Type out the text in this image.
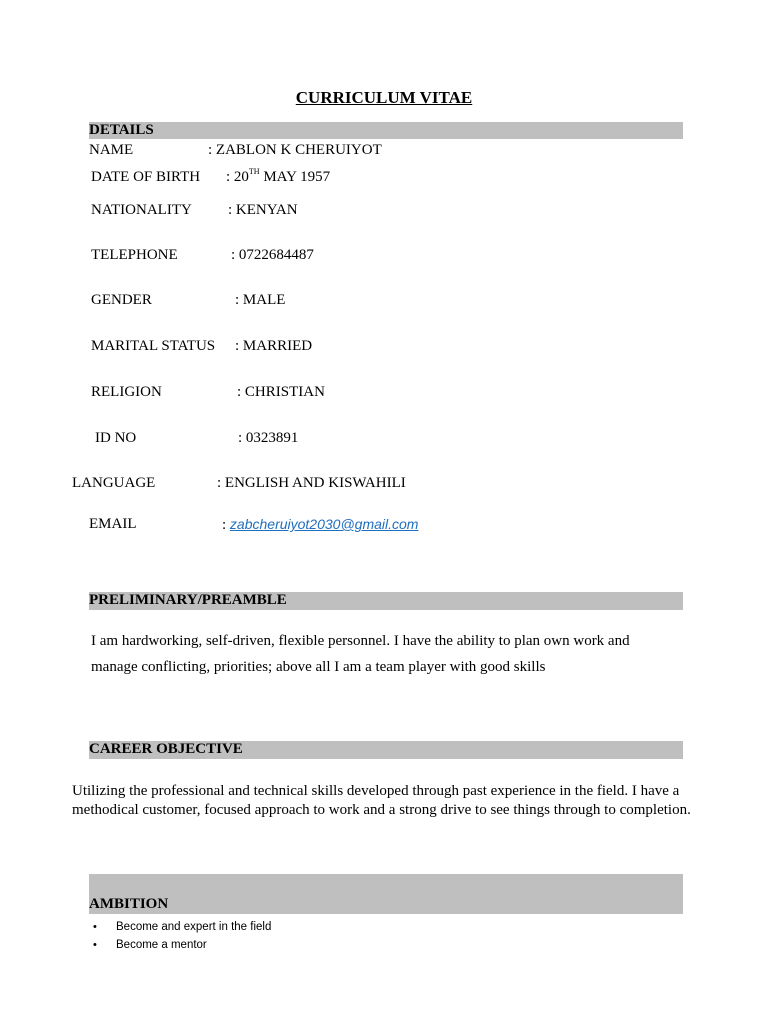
CURRICULUM VITAE
DETAILS
NAME	: ZABLON K CHERUIYOT
DATE OF BIRTH : 20TH MAY 1957
NATIONALITY : KENYAN
TELEPHONE	: 0722684487
GENDER	: MALE
MARITAL STATUS : MARRIED
RELIGION	: CHRISTIAN
ID NO	: 0323891
LANGUAGE	: ENGLISH AND KISWAHILI
EMAIL	: zabcheruiyot2030@gmail.com
PRELIMINARY/PREAMBLE
I am hardworking, self-driven, flexible personnel. I have the ability to plan own work and manage conflicting, priorities; above all I am a team player with good skills
CAREER OBJECTIVE
Utilizing the professional and technical skills developed through past experience in the field. I have a methodical customer, focused approach to work and a strong drive to see things through to completion.
AMBITION
• Become and expert in the field
• Become a mentor
